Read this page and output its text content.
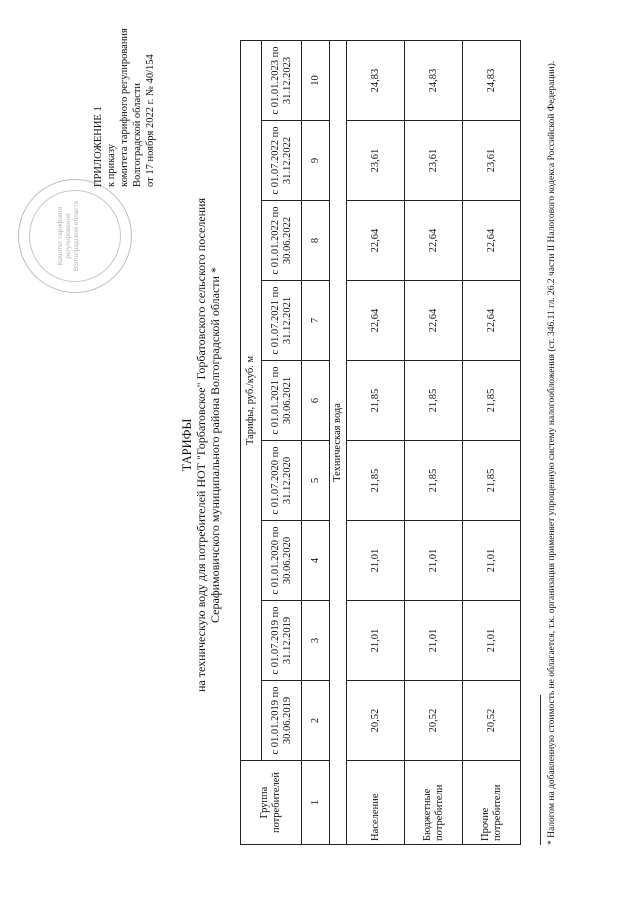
Комитет тарифного регулирования Волгоградской области
ПРИЛОЖЕНИЕ 1 к приказу комитета тарифного регулирования Волгоградской области от 17 ноября 2022 г. № 40/154
ТАРИФЫ на техническую воду для потребителей НОТ "Горбатовское" Горбатовского сельского поселения Серафимовичского муниципального района Волгоградской области *
Группа потребителей	Тарифы, руб./куб. м								
	с 01.01.2019 по 30.06.2019	с 01.07.2019 по 31.12.2019	с 01.01.2020 по 30.06.2020	с 01.07.2020 по 31.12.2020	с 01.01.2021 по 30.06.2021	с 01.07.2021 по 31.12.2021	с 01.01.2022 по 30.06.2022	с 01.07.2022 по 31.12.2022	с 01.01.2023 по 31.12.2023
1	2	3	4	5	6	7	8	9	10
Техническая вода									
Население	20,52	21,01	21,01	21,85	21,85	22,64	22,64	23,61	24,83
Бюджетные потребители	20,52	21,01	21,01	21,85	21,85	22,64	22,64	23,61	24,83
Прочие потребители	20,52	21,01	21,01	21,85	21,85	22,64	22,64	23,61	24,83	* Налогом на добавленную стоимость не облагается, т.к. организация применяет упрощенную систему налогообложения (ст. 346.11 гл. 26.2 части II Налогового кодекса Российской Федерации).
